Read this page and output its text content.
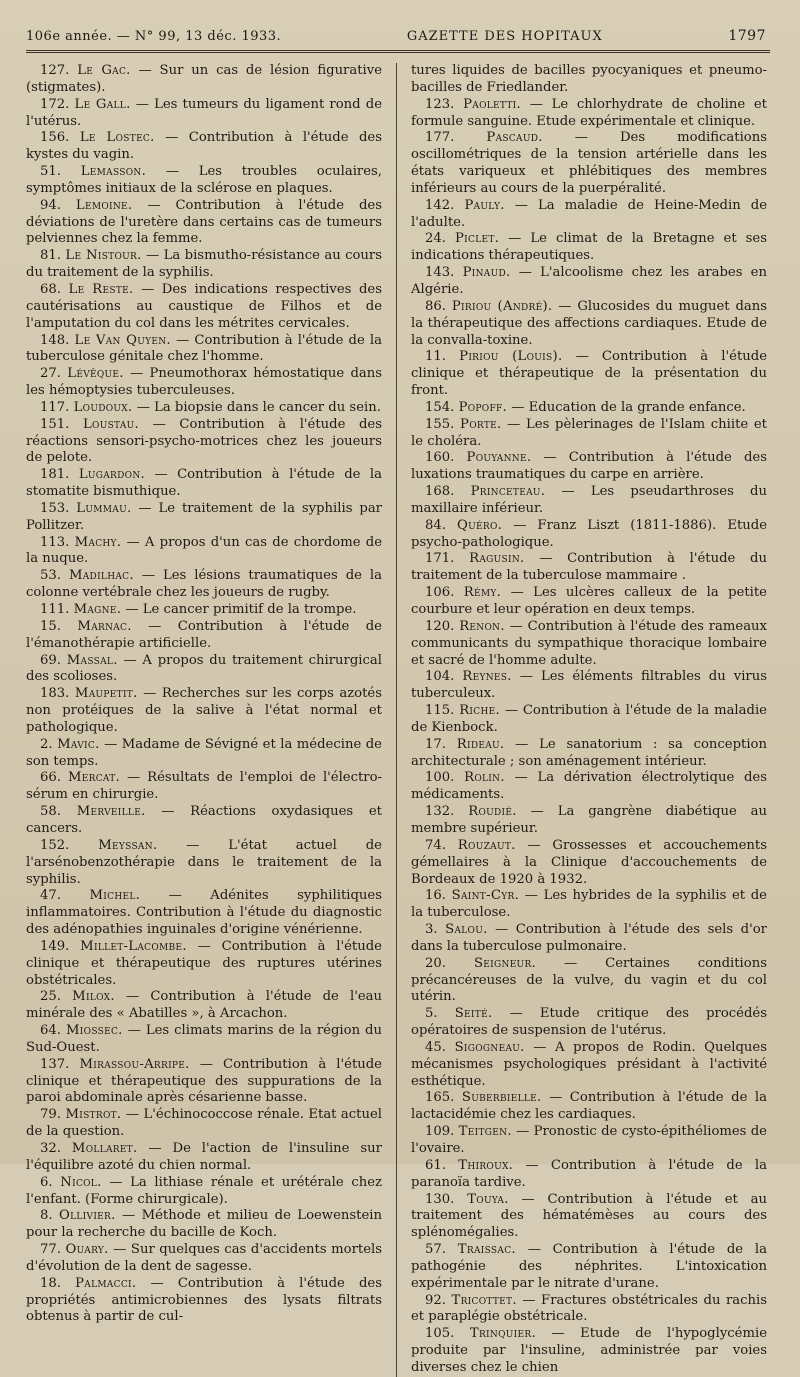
106e année. — N° 99, 13 déc. 1933.	GAZETTE DES HOPITAUX	1797

127. Le Gac. — Sur un cas de lésion figurative (stigmates).

172. Le Gall. — Les tumeurs du ligament rond de l'utérus.

156. Le Lostec. — Contribution à l'étude des kystes du vagin.

51. Lemasson. — Les troubles oculaires, symptômes initiaux de la sclérose en plaques.

94. Lemoine. — Contribution à l'étude des déviations de l'uretère dans certains cas de tumeurs pelviennes chez la femme.

81. Le Nistour. — La bismutho-résistance au cours du traitement de la syphilis.

68. Le Reste. — Des indications respectives des cautérisations au caustique de Filhos et de l'amputation du col dans les métrites cervicales.

148. Le Van Quyen. — Contribution à l'étude de la tuberculose génitale chez l'homme.

27. Lévêque. — Pneumothorax hémostatique dans les hémoptysies tuberculeuses.

117. Loudoux. — La biopsie dans le cancer du sein.

151. Loustau. — Contribution à l'étude des réactions sensori-psycho-motrices chez les joueurs de pelote.

181. Lugardon. — Contribution à l'étude de la stomatite bismuthique.

153. Lummau. — Le traitement de la syphilis par Pollitzer.

113. Machy. — A propos d'un cas de chordome de la nuque.

53. Madilhac. — Les lésions traumatiques de la colonne vertébrale chez les joueurs de rugby.

111. Magne. — Le cancer primitif de la trompe.

15. Marnac. — Contribution à l'étude de l'émanothérapie artificielle.

69. Massal. — A propos du traitement chirurgical des scolioses.

183. Maupetit. — Recherches sur les corps azotés non protéiques de la salive à l'état normal et pathologique.

2. Mavic. — Madame de Sévigné et la médecine de son temps.

66. Mercat. — Résultats de l'emploi de l'électro-sérum en chirurgie.

58. Merveille. — Réactions oxydasiques et cancers.

152. Meyssan. — L'état actuel de l'arsénobenzothérapie dans le traitement de la syphilis.

47. Michel. — Adénites syphilitiques inflammatoires. Contribution à l'étude du diagnostic des adénopathies inguinales d'origine vénérienne.

149. Millet-Lacombe. — Contribution à l'étude clinique et thérapeutique des ruptures utérines obstétricales.

25. Milox. — Contribution à l'étude de l'eau minérale des « Abatilles », à Arcachon.

64. Miossec. — Les climats marins de la région du Sud-Ouest.

137. Mirassou-Arripe. — Contribution à l'étude clinique et thérapeutique des suppurations de la paroi abdominale après césarienne basse.

79. Mistrot. — L'échinococcose rénale. Etat actuel de la question.

32. Mollaret. — De l'action de l'insuline sur l'équilibre azoté du chien normal.

6. Nicol. — La lithiase rénale et urétérale chez l'enfant. (Forme chirurgicale).

8. Ollivier. — Méthode et milieu de Loewenstein pour la recherche du bacille de Koch.

77. Ouary. — Sur quelques cas d'accidents mortels d'évolution de la dent de sagesse.

18. Palmacci. — Contribution à l'étude des propriétés antimicrobiennes des lysats filtrats obtenus à partir de cul-

tures liquides de bacilles pyocyaniques et pneumo-bacilles de Friedlander.

123. Paoletti. — Le chlorhydrate de choline et formule sanguine. Etude expérimentale et clinique.

177. Pascaud. — Des modifications oscillométriques de la tension artérielle dans les états variqueux et phlébitiques des membres inférieurs au cours de la puerpéralité.

142. Pauly. — La maladie de Heine-Medin de l'adulte.

24. Piclet. — Le climat de la Bretagne et ses indications thérapeutiques.

143. Pinaud. — L'alcoolisme chez les arabes en Algérie.

86. Piriou (André). — Glucosides du muguet dans la thérapeutique des affections cardiaques. Etude de la convalla-toxine.

11. Piriou (Louis). — Contribution à l'étude clinique et thérapeutique de la présentation du front.

154. Popoff. — Education de la grande enfance.

155. Porte. — Les pèlerinages de l'Islam chiite et le choléra.

160. Pouyanne. — Contribution à l'étude des luxations traumatiques du carpe en arrière.

168. Princeteau. — Les pseudarthroses du maxillaire inférieur.

84. Quéro. — Franz Liszt (1811-1886). Etude psycho-pathologique.

171. Ragusin. — Contribution à l'étude du traitement de la tuberculose mammaire .

106. Rémy. — Les ulcères calleux de la petite courbure et leur opération en deux temps.

120. Renon. — Contribution à l'étude des rameaux communicants du sympathique thoracique lombaire et sacré de l'homme adulte.

104. Reynes. — Les éléments filtrables du virus tuberculeux.

115. Riche. — Contribution à l'étude de la maladie de Kienbock.

17. Rideau. — Le sanatorium : sa conception architecturale ; son aménagement intérieur.

100. Rolin. — La dérivation électrolytique des médicaments.

132. Roudié. — La gangrène diabétique au membre supérieur.

74. Rouzaut. — Grossesses et accouchements gémellaires à la Clinique d'accouchements de Bordeaux de 1920 à 1932.

16. Saint-Cyr. — Les hybrides de la syphilis et de la tuberculose.

3. Salou. — Contribution à l'étude des sels d'or dans la tuberculose pulmonaire.

20. Seigneur. — Certaines conditions précancéreuses de la vulve, du vagin et du col utérin.

5. Seité. — Etude critique des procédés opératoires de suspension de l'utérus.

45. Sigogneau. — A propos de Rodin. Quelques mécanismes psychologiques présidant à l'activité esthétique.

165. Suberbielle. — Contribution à l'étude de la lactacidémie chez les cardiaques.

109. Teitgen. — Pronostic de cysto-épithéliomes de l'ovaire.

61. Thiroux. — Contribution à l'étude de la paranoïa tardive.

130. Touya. — Contribution à l'étude et au traitement des hématémèses au cours des splénomégalies.

57. Traissac. — Contribution à l'étude de la pathogénie des néphrites. L'intoxication expérimentale par le nitrate d'urane.

92. Tricottet. — Fractures obstétricales du rachis et paraplégie obstétricale.

105. Trinquier. — Etude de l'hypoglycémie produite par l'insuline, administrée par voies diverses chez le chien
